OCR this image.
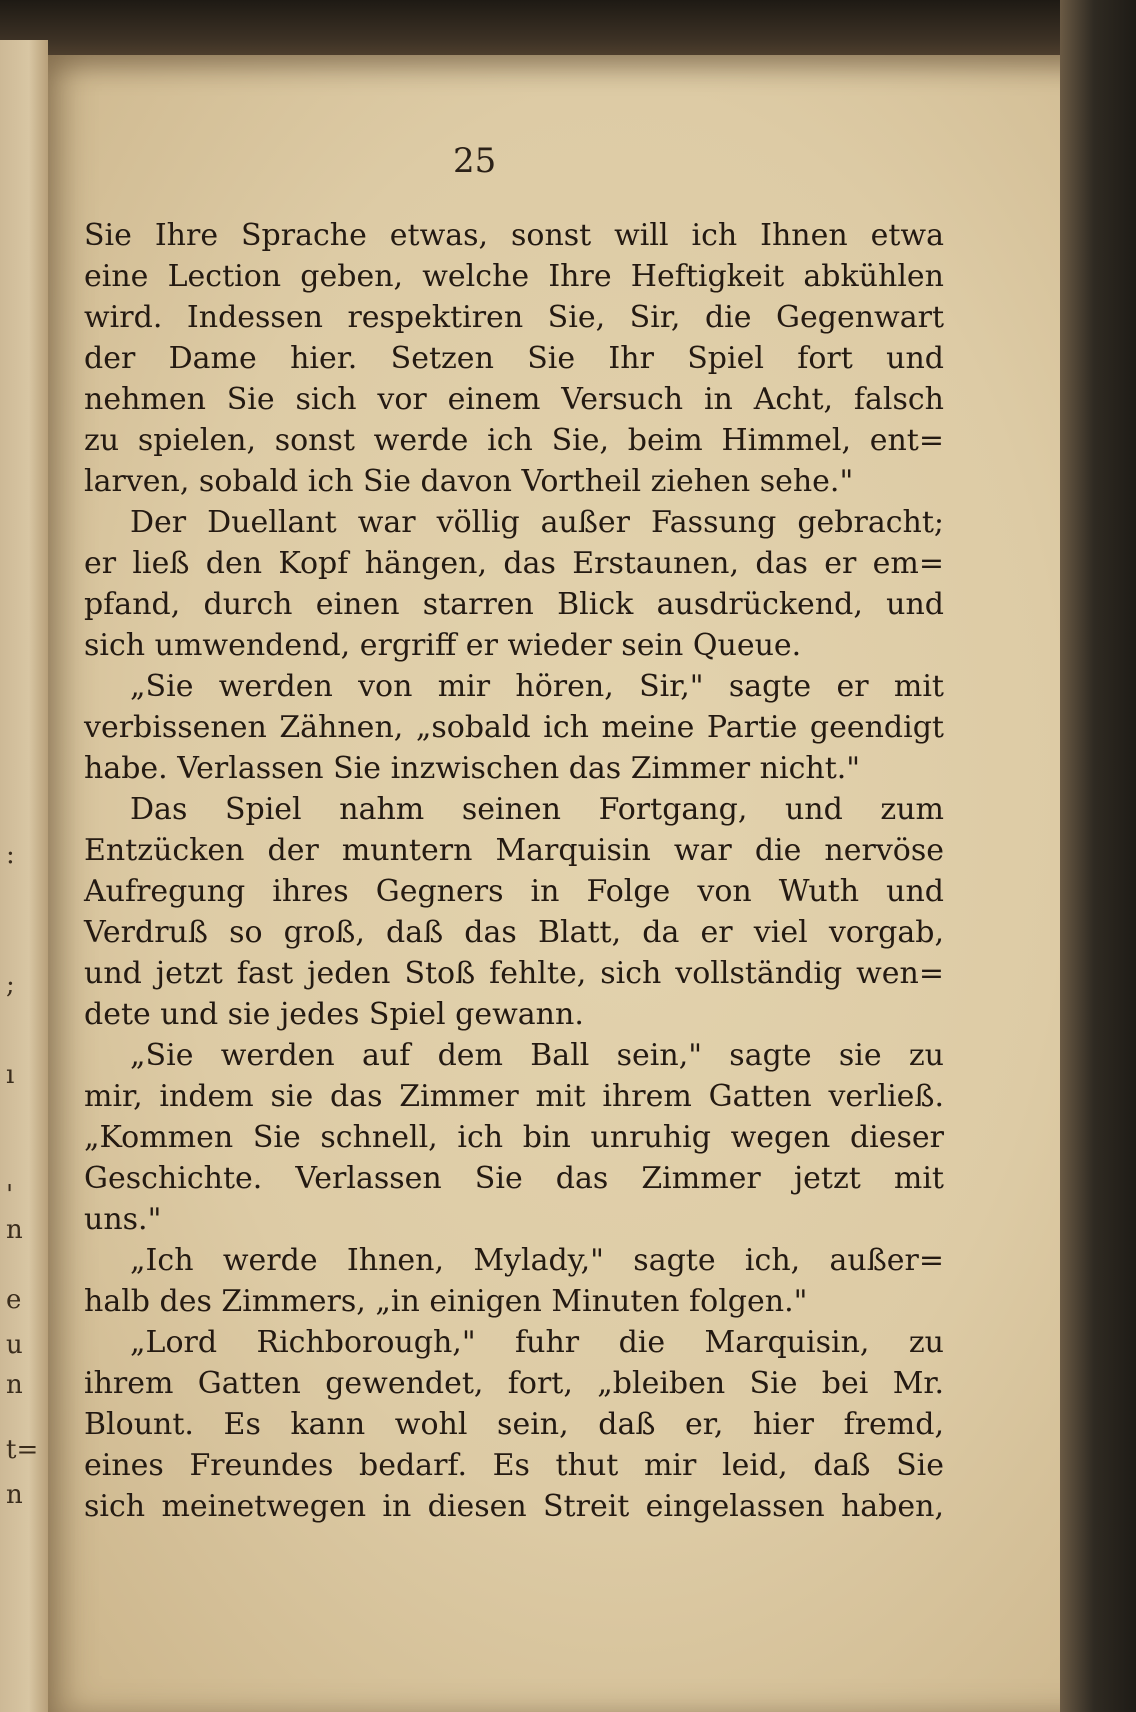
:
;
ı
'
n
e
u
n
t=
n
25
Sie Ihre Sprache etwas, sonst will ich Ihnen etwa
eine Lection geben, welche Ihre Heftigkeit abkühlen
wird. Indessen respektiren Sie, Sir, die Gegenwart
der Dame hier. Setzen Sie Ihr Spiel fort und
nehmen Sie sich vor einem Versuch in Acht, falsch
zu spielen, sonst werde ich Sie, beim Himmel, ent=
larven, sobald ich Sie davon Vortheil ziehen sehe."
Der Duellant war völlig außer Fassung gebracht;
er ließ den Kopf hängen, das Erstaunen, das er em=
pfand, durch einen starren Blick ausdrückend, und
sich umwendend, ergriff er wieder sein Queue.
„Sie werden von mir hören, Sir," sagte er mit
verbissenen Zähnen, „sobald ich meine Partie geendigt
habe. Verlassen Sie inzwischen das Zimmer nicht."
Das Spiel nahm seinen Fortgang, und zum
Entzücken der muntern Marquisin war die nervöse
Aufregung ihres Gegners in Folge von Wuth und
Verdruß so groß, daß das Blatt, da er viel vorgab,
und jetzt fast jeden Stoß fehlte, sich vollständig wen=
dete und sie jedes Spiel gewann.
„Sie werden auf dem Ball sein," sagte sie zu
mir, indem sie das Zimmer mit ihrem Gatten verließ.
„Kommen Sie schnell, ich bin unruhig wegen dieser
Geschichte. Verlassen Sie das Zimmer jetzt mit
uns."
„Ich werde Ihnen, Mylady," sagte ich, außer=
halb des Zimmers, „in einigen Minuten folgen."
„Lord Richborough," fuhr die Marquisin, zu
ihrem Gatten gewendet, fort, „bleiben Sie bei Mr.
Blount. Es kann wohl sein, daß er, hier fremd,
eines Freundes bedarf. Es thut mir leid, daß Sie
sich meinetwegen in diesen Streit eingelassen haben,
